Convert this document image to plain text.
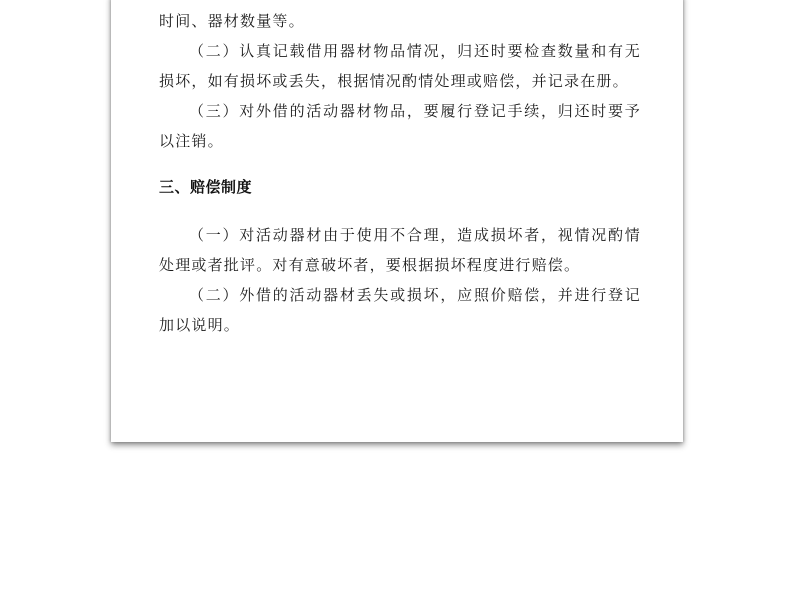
时间、器材数量等。

（二）认真记载借用器材物品情况，归还时要检查数量和有无损坏，如有损坏或丢失，根据情况酌情处理或赔偿，并记录在册。

（三）对外借的活动器材物品，要履行登记手续，归还时要予以注销。

三、赔偿制度

（一）对活动器材由于使用不合理，造成损坏者，视情况酌情处理或者批评。对有意破坏者，要根据损坏程度进行赔偿。

（二）外借的活动器材丢失或损坏，应照价赔偿，并进行登记加以说明。
